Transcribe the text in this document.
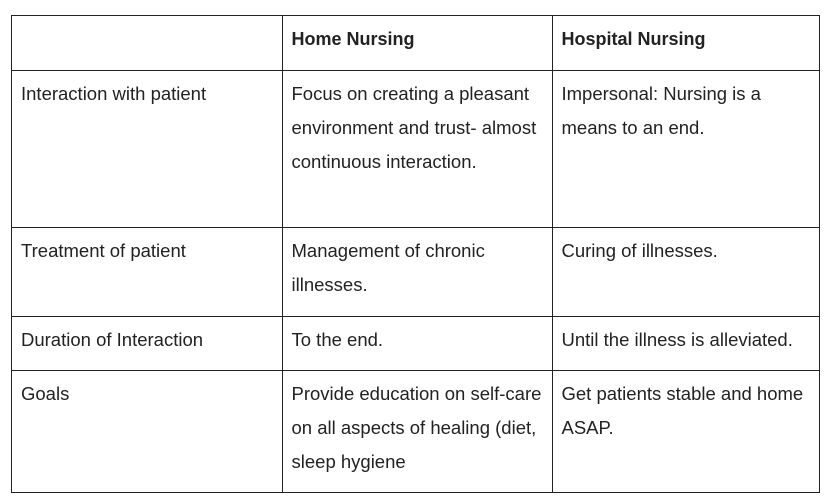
	Home Nursing	Hospital Nursing
Interaction with patient	Focus on creating a pleasant environment and trust- almost continuous interaction.	Impersonal: Nursing is a means to an end.
Treatment of patient	Management of chronic illnesses.	Curing of illnesses.
Duration of Interaction	To the end.	Until the illness is alleviated.
Goals	Provide education on self-care on all aspects of healing (diet, sleep hygiene	Get patients stable and home ASAP.
